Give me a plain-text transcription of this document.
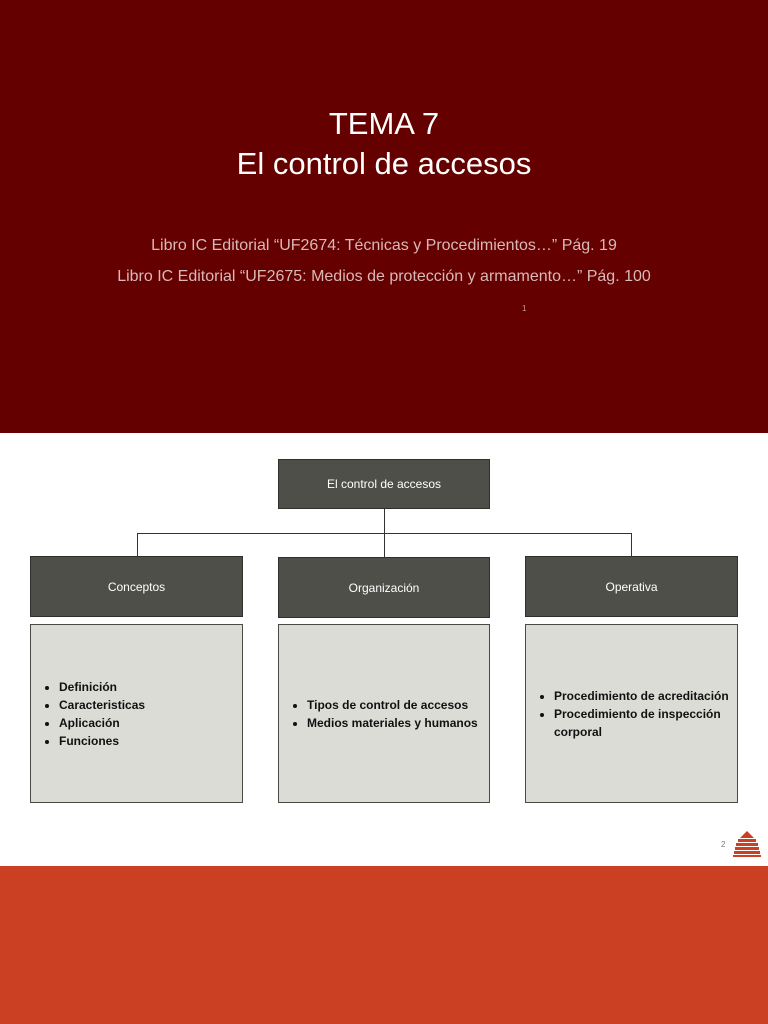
TEMA 7
El control de accesos
Libro IC Editorial “UF2674: Técnicas y Procedimientos…” Pág. 19
Libro IC Editorial “UF2675: Medios de protección y armamento…” Pág. 100
1
El control de accesos
Conceptos	Organización	Operativa
• Definición
• Caracteristicas
• Aplicación
• Funciones
• Tipos de control de accesos
• Medios materiales y humanos
• Procedimiento de acreditación
• Procedimiento de inspección corporal
2
